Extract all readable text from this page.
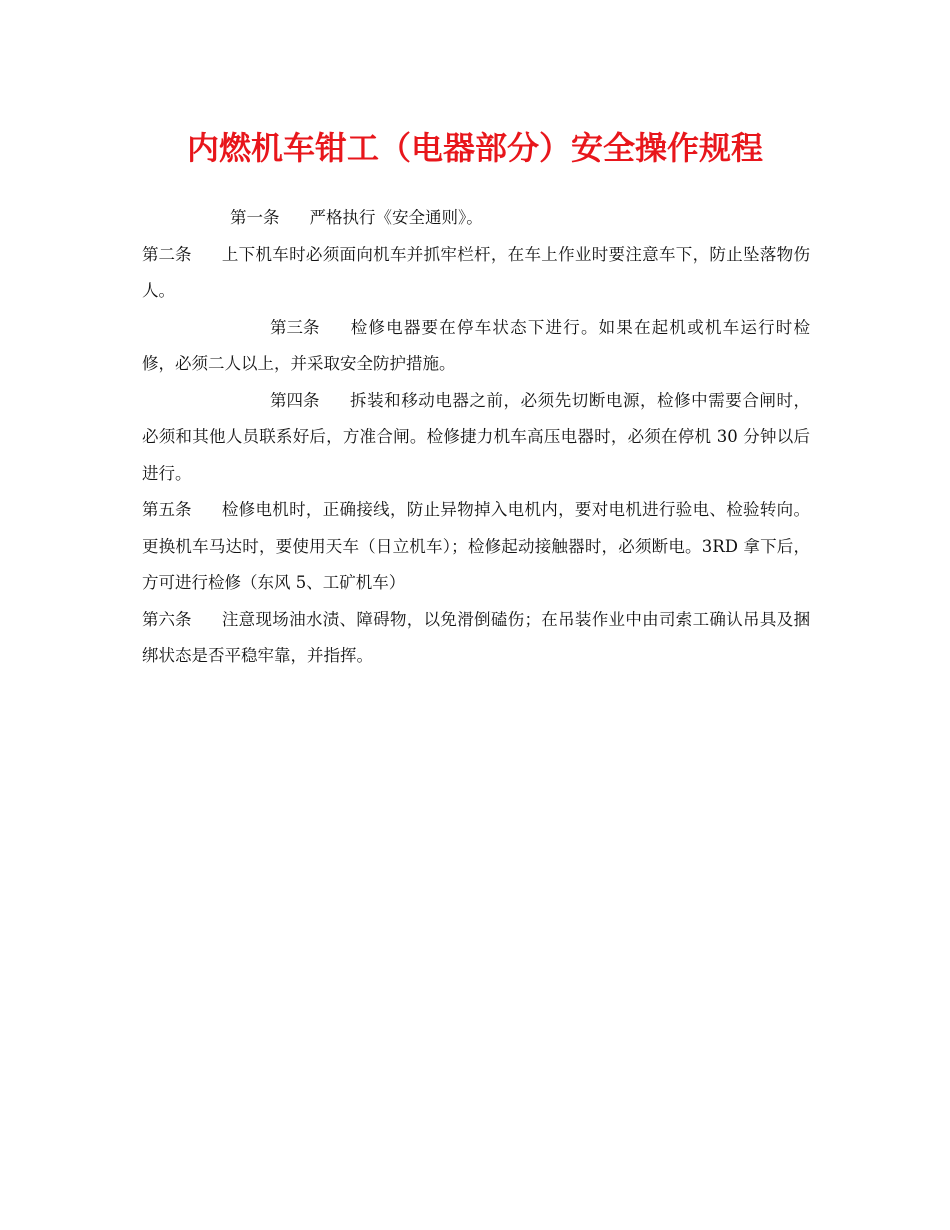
内燃机车钳工（电器部分）安全操作规程

第一条 严格执行《安全通则》。

第二条 上下机车时必须面向机车并抓牢栏杆，在车上作业时要注意车下，防止坠落物伤人。

第三条 检修电器要在停车状态下进行。如果在起机或机车运行时检修，必须二人以上，并采取安全防护措施。

第四条 拆装和移动电器之前，必须先切断电源，检修中需要合闸时，必须和其他人员联系好后，方准合闸。检修捷力机车高压电器时，必须在停机 30 分钟以后进行。

第五条 检修电机时，正确接线，防止异物掉入电机内，要对电机进行验电、检验转向。更换机车马达时，要使用天车（日立机车）；检修起动接触器时，必须断电。3RD 拿下后，方可进行检修（东风 5、工矿机车）

第六条 注意现场油水渍、障碍物，以免滑倒磕伤；在吊装作业中由司索工确认吊具及捆绑状态是否平稳牢靠，并指挥。
